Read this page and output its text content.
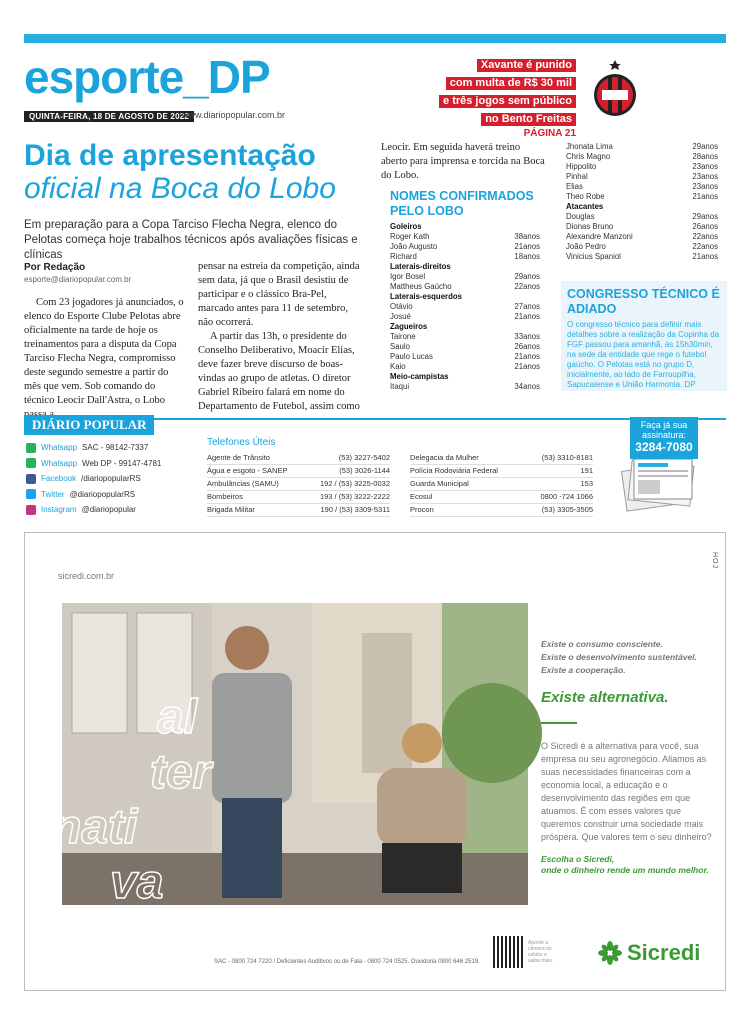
esporte_DP
QUINTA-FEIRA, 18 DE AGOSTO DE 2022
www.diariopopular.com.br
Xavante é punido
com multa de R$ 30 mil
e três jogos sem público
no Bento Freitas
PÁGINA 21
Dia de apresentação
oficial na Boca do Lobo
Em preparação para a Copa Tarciso Flecha Negra, elenco do Pelotas começa hoje trabalhos técnicos após avaliações físicas e clínicas
Por Redação
esporte@diariopopular.com.br
Com 23 jogadores já anunciados, o elenco do Esporte Clube Pelotas abre oficialmente na tarde de hoje os treinamentos para a disputa da Copa Tarciso Flecha Negra, compromisso deste segundo semestre a partir do mês que vem. Sob comando do técnico Leocir Dall'Astra, o Lobo

pensar na estreia da competição, ainda sem data, já que o Brasil desistiu de participar e o clássico Bra-Pel, marcado antes para 11 de setembro, não ocorrerá.

A partir das 13h, o presidente do Conselho Deliberativo, Moacir Elias, deve fazer breve discurso de boas-vindas ao grupo de atletas. O diretor Gabriel Ribeiro falará em nome do Departamento de Futebol, assim como

Leocir. Em seguida haverá treino aberto para imprensa e torcida na Boca do Lobo.
NOMES CONFIRMADOS PELO LOBO
Goleiros
Roger Kath	38anos
João Augusto	21anos
Richard	18anos
Laterais-direitos
Igor Bosel	29anos
Mattheus Gaúcho	22anos
Laterais-esquerdos
Otávio	27anos
Josué	21anos
Zagueiros
Tairone	33anos
Saulo	26anos
Paulo Lucas	21anos
Kaio	21anos
Meio-campistas
Itaqui	34anos
Jhonata Lima	29anos
Chris Magno	28anos
Hippolito	23anos
Pinhal	23anos
Elias	23anos
Theo Robe	21anos
Atacantes
Douglas	29anos
Dionas Bruno	26anos
Alexandre Manzoni	22anos
João Pedro	22anos
Vinicius Spaniol	21anos
CONGRESSO TÉCNICO É ADIADO
O congresso técnico para definir mais detalhes sobre a realização da Copinha da FGF passou para amanhã, às 15h30min, na sede da entidade que rege o futebol gaúcho. O Pelotas está no grupo D, inicialmente, ao lado de Farroupilha, Sapucaiense e União Harmonia. DP
DIÁRIO POPULAR
Whatsapp SAC - 98142-7337
Whatsapp Web DP - 99147-4781
Facebook /diariopopularRS
Twitter @diariopopularRS
Instagram @diariopopular
Telefones Úteis
Agente de Trânsito	(53) 3227-5402
Água e esgoto - SANEP	(53) 3026-1144
Ambulâncias (SAMU)	192 / (53) 3225-0032
Bombeiros	193 / (53) 3222-2222
Brigada Militar	190 / (53) 3309-5311
Delegacia da Mulher	(53) 3310-8181
Polícia Rodoviária Federal	191
Guarda Municipal	153
Ecosul	0800 -724 1066
Procon	(53) 3305-3505
Faça já sua assinatura:
3284-7080
sicredi.com.br
HOJ
al
ter
nati
va
Existe o consumo consciente.
Existe o desenvolvimento sustentável.
Existe a cooperação.
Existe alternativa.
O Sicredi é a alternativa para você, sua empresa ou seu agronegócio. Aliamos as suas necessidades financeiras com a economia local, a educação e o desenvolvimento das regiões em que atuamos. É com esses valores que queremos construir uma sociedade mais próspera. Que valores tem o seu dinheiro?
Escolha o Sicredi,
onde o dinheiro rende um mundo melhor.
SAC - 0800 724 7220 / Deficientes Auditivos ou de Fala - 0800 724 0525. Ouvidoria 0800 646 2519.
Aponte a câmera do celular e saiba mais.	Sicredi
